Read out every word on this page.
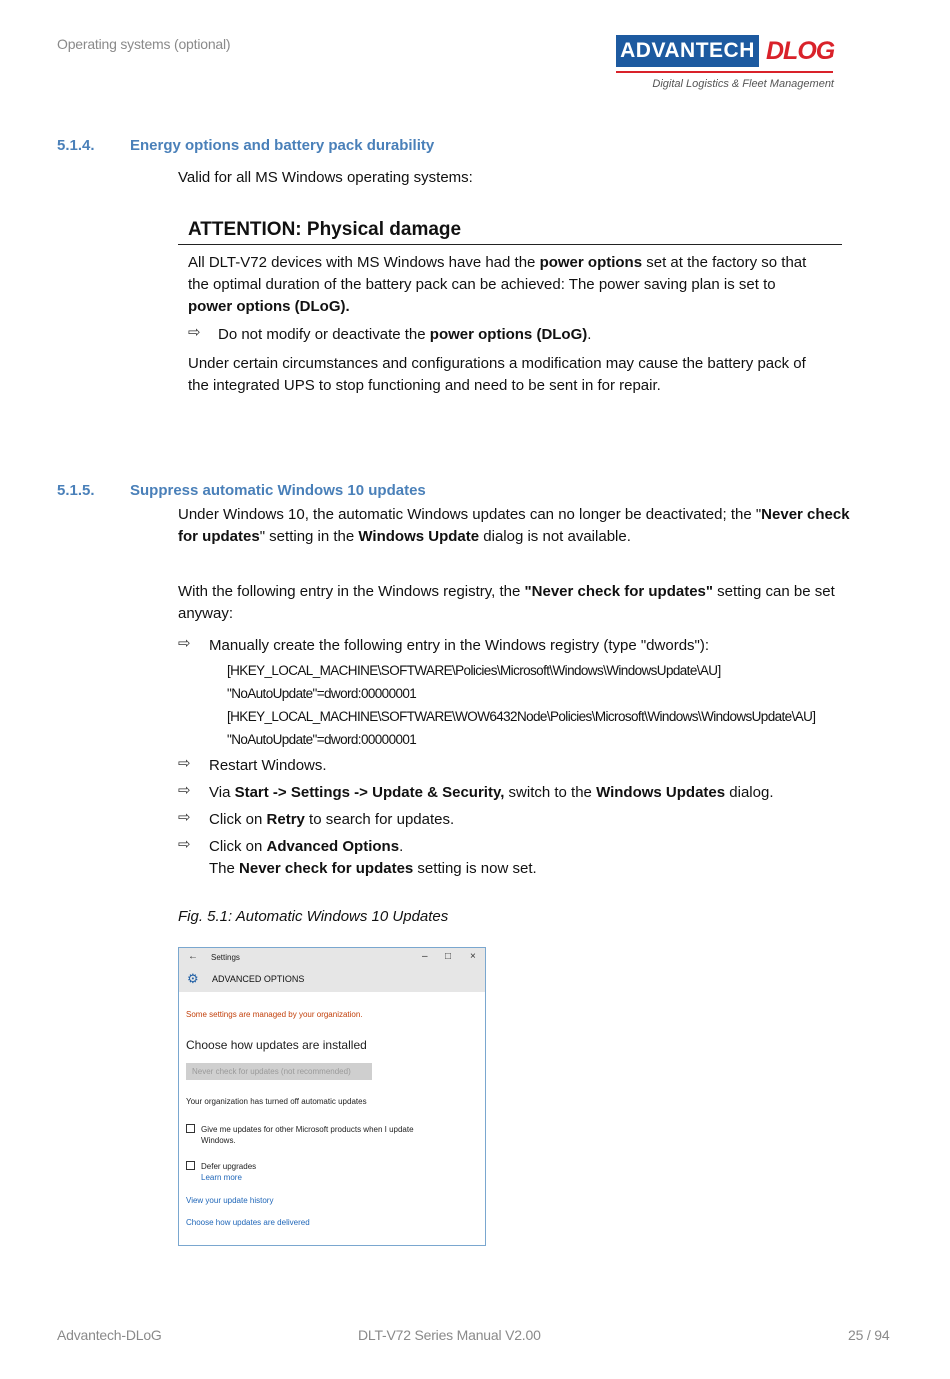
Operating systems (optional)	ADVANTECH DLOG
Digital Logistics & Fleet Management
5.1.4. Energy options and battery pack durability
Valid for all MS Windows operating systems:
ATTENTION: Physical damage
All DLT-V72 devices with MS Windows have had the power options set at the factory so that
the optimal duration of the battery pack can be achieved: The power saving plan is set to
power options (DLoG).
⇨ Do not modify or deactivate the power options (DLoG).
Under certain circumstances and configurations a modification may cause the battery pack of
the integrated UPS to stop functioning and need to be sent in for repair.
5.1.5. Suppress automatic Windows 10 updates
Under Windows 10, the automatic Windows updates can no longer be deactivated; the "Never check
for updates" setting in the Windows Update dialog is not available.
With the following entry in the Windows registry, the "Never check for updates" setting can be set
anyway:
⇨ Manually create the following entry in the Windows registry (type "dwords"):
[HKEY_LOCAL_MACHINE\SOFTWARE\Policies\Microsoft\Windows\WindowsUpdate\AU]
"NoAutoUpdate"=dword:00000001
[HKEY_LOCAL_MACHINE\SOFTWARE\WOW6432Node\Policies\Microsoft\Windows\WindowsUpdate\AU]
"NoAutoUpdate"=dword:00000001
⇨ Restart Windows.
⇨ Via Start -> Settings -> Update & Security, switch to the Windows Updates dialog.
⇨ Click on Retry to search for updates.
⇨ Click on Advanced Options.
The Never check for updates setting is now set.
Fig. 5.1: Automatic Windows 10 Updates
← Settings	– □ ×
⚙ ADVANCED OPTIONS
Some settings are managed by your organization.
Choose how updates are installed
Never check for updates (not recommended)
Your organization has turned off automatic updates
Give me updates for other Microsoft products when I update
Windows.
Defer upgrades
Learn more
View your update history
Choose how updates are delivered
Advantech-DLoG	DLT-V72 Series Manual V2.00	25 / 94
